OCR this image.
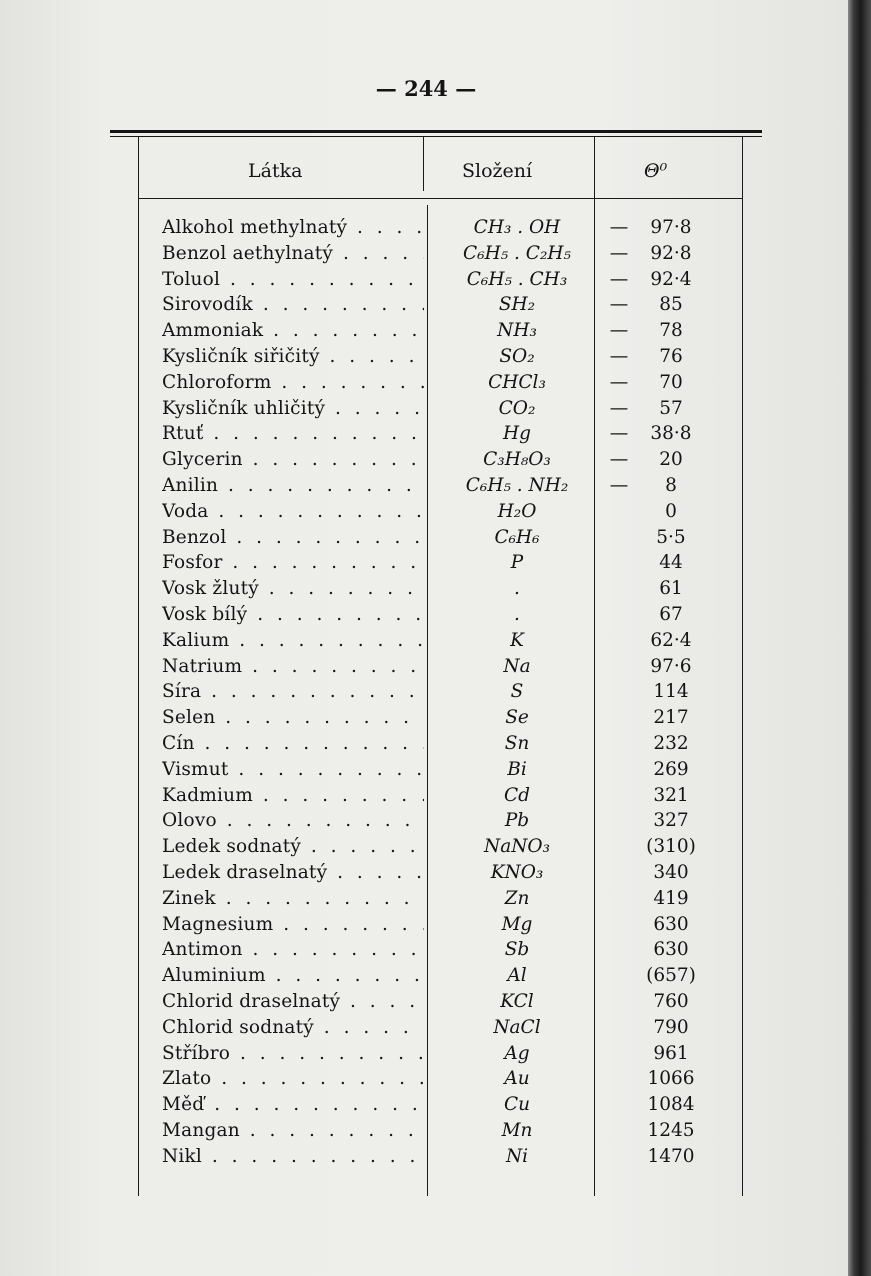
— 244 —
Látka	Složení	Θ⁰
Alkohol methylnatý . . .	CH₃ . OH	—	97·8
Benzol aethylnatý . . .	C₆H₅ . C₂H₅	—	92·8
Toluol . . .	C₆H₅ . CH₃	—	92·4
Sirovodík . . .	SH₂	—	85
Ammoniak . . .	NH₃	—	78
Kysličník siřičitý . . .	SO₂	—	76
Chloroform . . .	CHCl₃	—	70
Kysličník uhličitý . . .	CO₂	—	57
Rtuť . . .	Hg	—	38·8
Glycerin . . .	C₃H₈O₃	—	20
Anilin . . .	C₆H₅ . NH₂	—	8
Voda . . .	H₂O	0
Benzol . . .	C₆H₆	5·5
Fosfor . . .	P	44
Vosk žlutý . . .	.	61
Vosk bílý . . .	.	67
Kalium . . .	K	62·4
Natrium . . .	Na	97·6
Síra . . .	S	114
Selen . . .	Se	217
Cín . . .	Sn	232
Vismut . . .	Bi	269
Kadmium . . .	Cd	321
Olovo . . .	Pb	327
Ledek sodnatý . . .	NaNO₃	(310)
Ledek draselnatý . . .	KNO₃	340
Zinek . . .	Zn	419
Magnesium . . .	Mg	630
Antimon . . .	Sb	630
Aluminium . . .	Al	(657)
Chlorid draselnatý . . .	KCl	760
Chlorid sodnatý . . .	NaCl	790
Stříbro . . .	Ag	961
Zlato . . .	Au	1066
Měď . . .	Cu	1084
Mangan . . .	Mn	1245
Nikl . . .	Ni	1470
